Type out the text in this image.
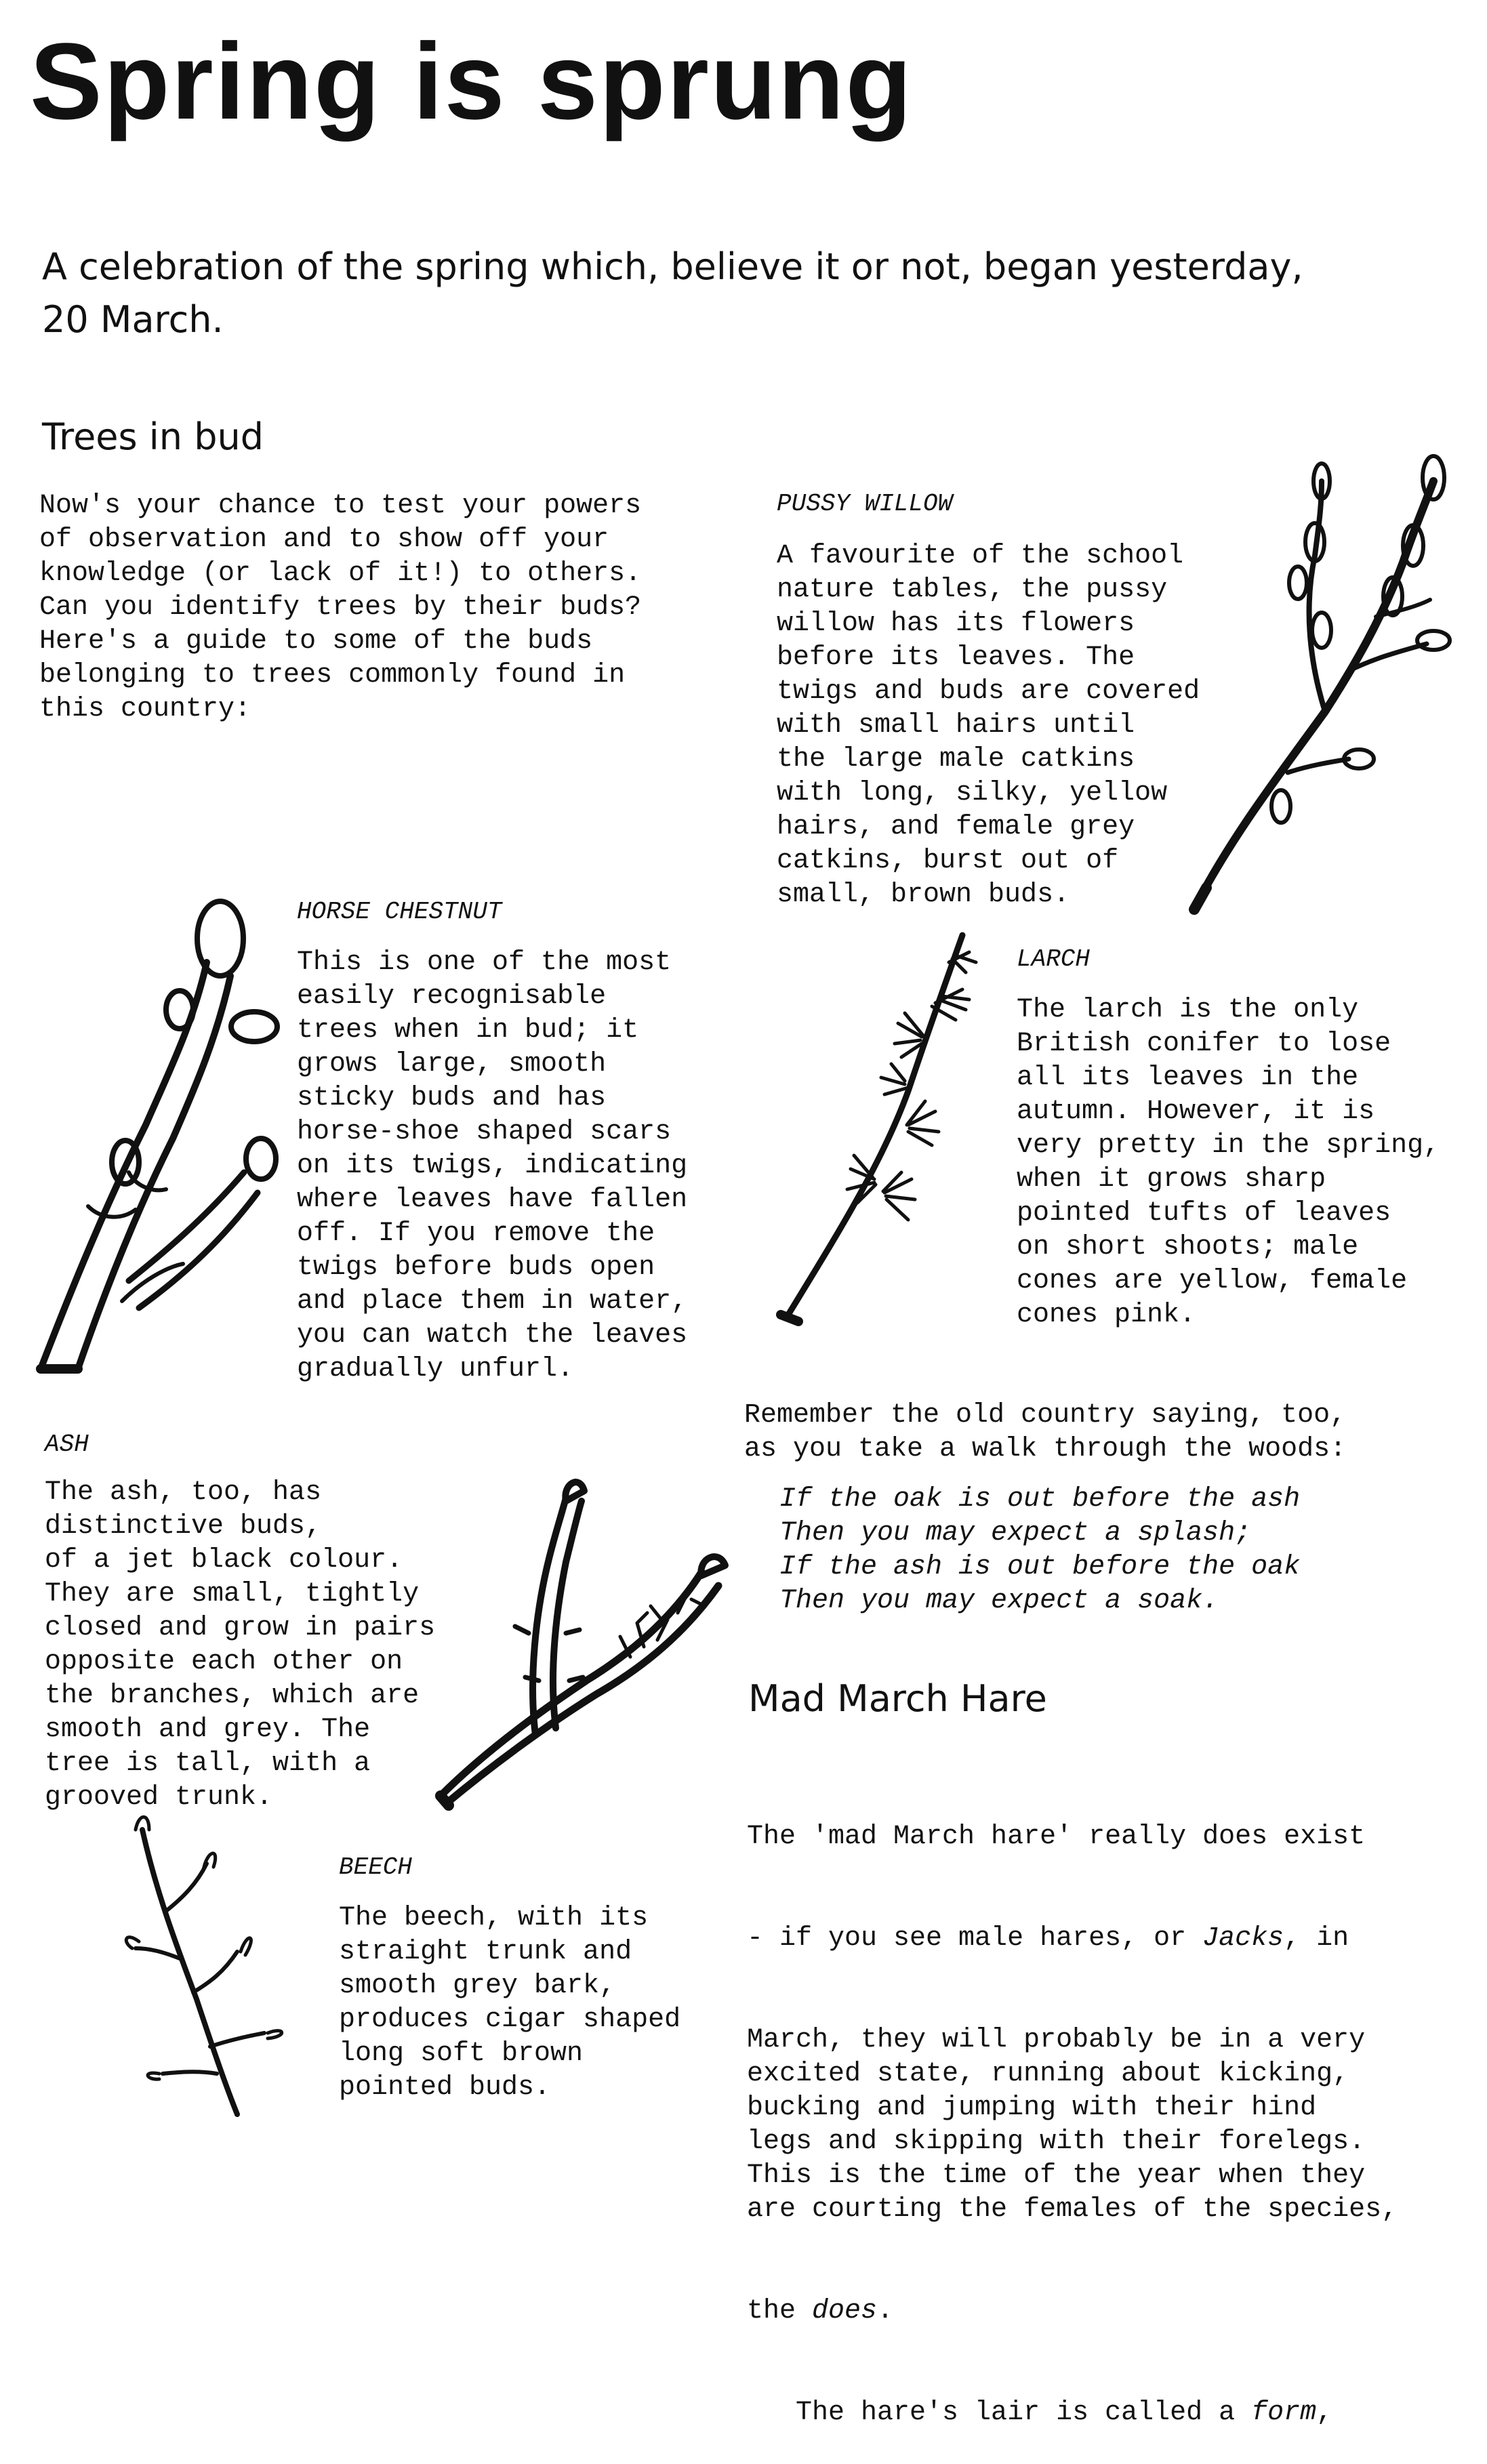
Spring is sprung

A celebration of the spring which, believe it or not, began yesterday, 20 March.

Trees in bud

Now's your chance to test your powers
of observation and to show off your
knowledge (or lack of it!) to others.
Can you identify trees by their buds?
Here's a guide to some of the buds
belonging to trees commonly found in
this country:

PUSSY WILLOW

A favourite of the school
nature tables, the pussy
willow has its flowers
before its leaves. The
twigs and buds are covered
with small hairs until
the large male catkins
with long, silky, yellow
hairs, and female grey
catkins, burst out of
small, brown buds.

HORSE CHESTNUT

This is one of the most
easily recognisable
trees when in bud; it
grows large, smooth
sticky buds and has
horse-shoe shaped scars
on its twigs, indicating
where leaves have fallen
off. If you remove the
twigs before buds open
and place them in water,
you can watch the leaves
gradually unfurl.

LARCH

The larch is the only
British conifer to lose
all its leaves in the
autumn. However, it is
very pretty in the spring,
when it grows sharp
pointed tufts of leaves
on short shoots; male
cones are yellow, female
cones pink.

ASH

The ash, too, has
distinctive buds,
of a jet black colour.
They are small, tightly
closed and grow in pairs
opposite each other on
the branches, which are
smooth and grey. The
tree is tall, with a
grooved trunk.

BEECH

The beech, with its
straight trunk and
smooth grey bark,
produces cigar shaped
long soft brown
pointed buds.

Remember the old country saying, too,
as you take a walk through the woods:

If the oak is out before the ash
Then you may expect a splash;
If the ash is out before the oak
Then you may expect a soak.

Mad March Hare

The 'mad March hare' really does exist

- if you see male hares, or Jacks, in

March, they will probably be in a very
excited state, running about kicking,
bucking and jumping with their hind
legs and skipping with their forelegs.
This is the time of the year when they
are courting the females of the species,

the does.

The hare's lair is called a form,
